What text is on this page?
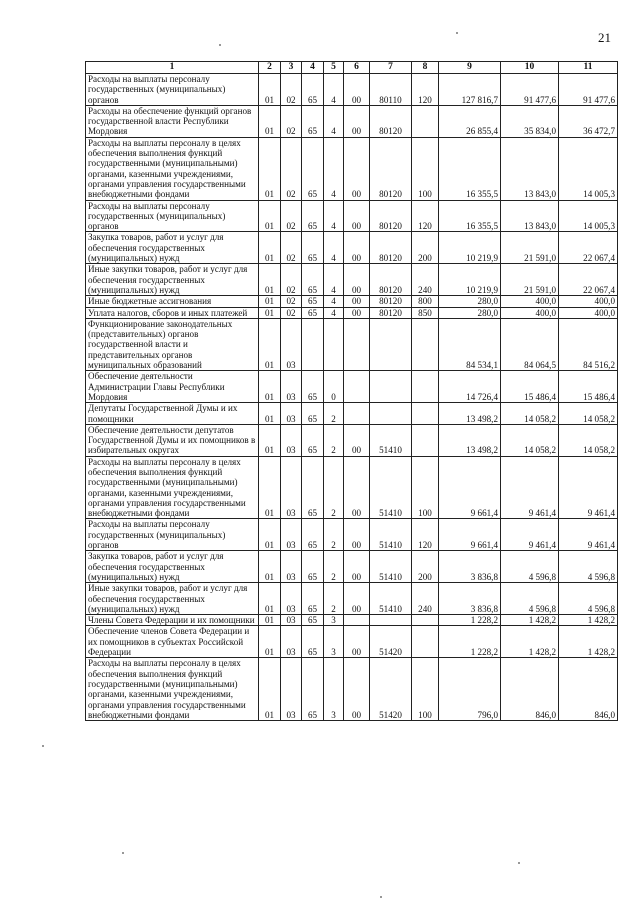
21
1	2	3	4	5	6	7	8	9	10	11
Расходы на выплаты персоналу государственных (муниципальных) органов	01	02	65	4	00	80110	120	127 816,7	91 477,6	91 477,6
Расходы на обеспечение функций органов государственной власти Республики Мордовия	01	02	65	4	00	80120		26 855,4	35 834,0	36 472,7
Расходы на выплаты персоналу в целях обеспечения выполнения функций государственными (муниципальными) органами, казенными учреждениями, органами управления государственными внебюджетными фондами	01	02	65	4	00	80120	100	16 355,5	13 843,0	14 005,3
Расходы на выплаты персоналу государственных (муниципальных) органов	01	02	65	4	00	80120	120	16 355,5	13 843,0	14 005,3
Закупка товаров, работ и услуг для обеспечения государственных (муниципальных) нужд	01	02	65	4	00	80120	200	10 219,9	21 591,0	22 067,4
Иные закупки товаров, работ и услуг для обеспечения государственных (муниципальных) нужд	01	02	65	4	00	80120	240	10 219,9	21 591,0	22 067,4
Иные бюджетные ассигнования	01	02	65	4	00	80120	800	280,0	400,0	400,0
Уплата налогов, сборов и иных платежей	01	02	65	4	00	80120	850	280,0	400,0	400,0
Функционирование законодательных (представительных) органов государственной власти и представительных органов муниципальных образований	01	03						84 534,1	84 064,5	84 516,2
Обеспечение деятельности Администрации Главы Республики Мордовия	01	03	65	0				14 726,4	15 486,4	15 486,4
Депутаты Государственной Думы и их помощники	01	03	65	2				13 498,2	14 058,2	14 058,2
Обеспечение деятельности депутатов Государственной Думы и их помощников в избирательных округах	01	03	65	2	00	51410		13 498,2	14 058,2	14 058,2
Расходы на выплаты персоналу в целях обеспечения выполнения функций государственными (муниципальными) органами, казенными учреждениями, органами управления государственными внебюджетными фондами	01	03	65	2	00	51410	100	9 661,4	9 461,4	9 461,4
Расходы на выплаты персоналу государственных (муниципальных) органов	01	03	65	2	00	51410	120	9 661,4	9 461,4	9 461,4
Закупка товаров, работ и услуг для обеспечения государственных (муниципальных) нужд	01	03	65	2	00	51410	200	3 836,8	4 596,8	4 596,8
Иные закупки товаров, работ и услуг для обеспечения государственных (муниципальных) нужд	01	03	65	2	00	51410	240	3 836,8	4 596,8	4 596,8
Члены Совета Федерации и их помощники	01	03	65	3				1 228,2	1 428,2	1 428,2
Обеспечение членов Совета Федерации и их помощников в субъектах Российской Федерации	01	03	65	3	00	51420		1 228,2	1 428,2	1 428,2
Расходы на выплаты персоналу в целях обеспечения выполнения функций государственными (муниципальными) органами, казенными учреждениями, органами управления государственными внебюджетными фондами	01	03	65	3	00	51420	100	796,0	846,0	846,0
